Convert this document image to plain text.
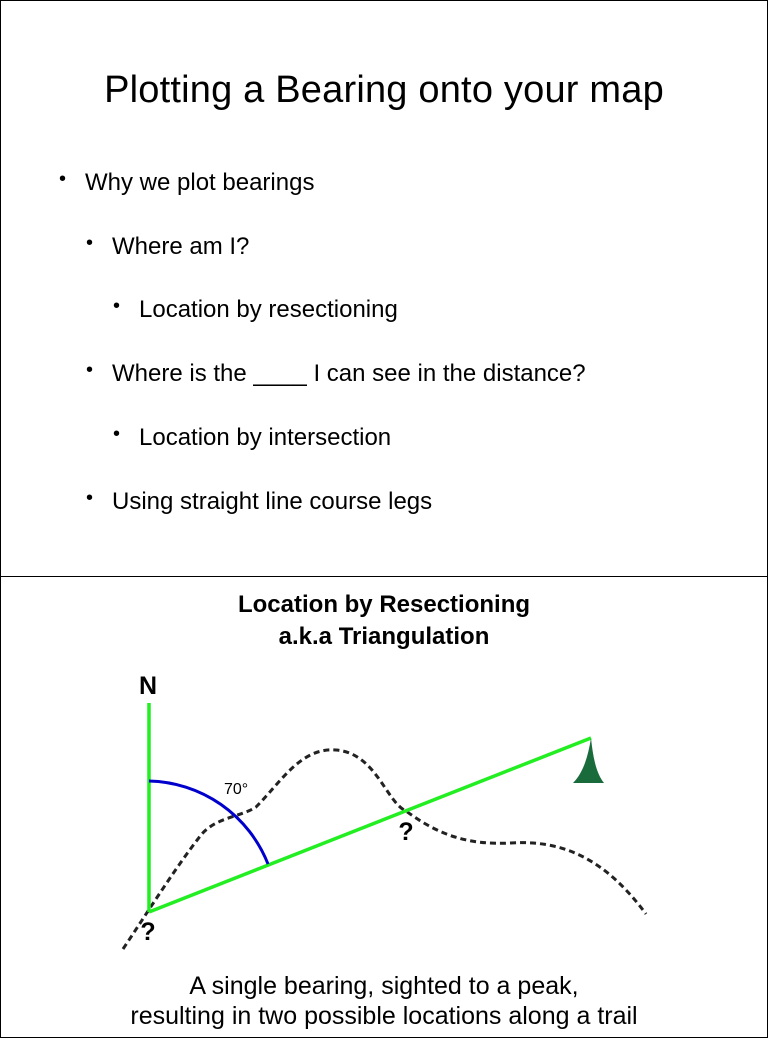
Plotting a Bearing onto your map
• Why we plot bearings
• Where am I?
• Location by resectioning
• Where is the ____ I can see in the distance?
• Location by intersection
• Using straight line course legs
Location by Resectioning
a.k.a Triangulation
N
70°
?
?
A single bearing, sighted to a peak,
resulting in two possible locations along a trail
